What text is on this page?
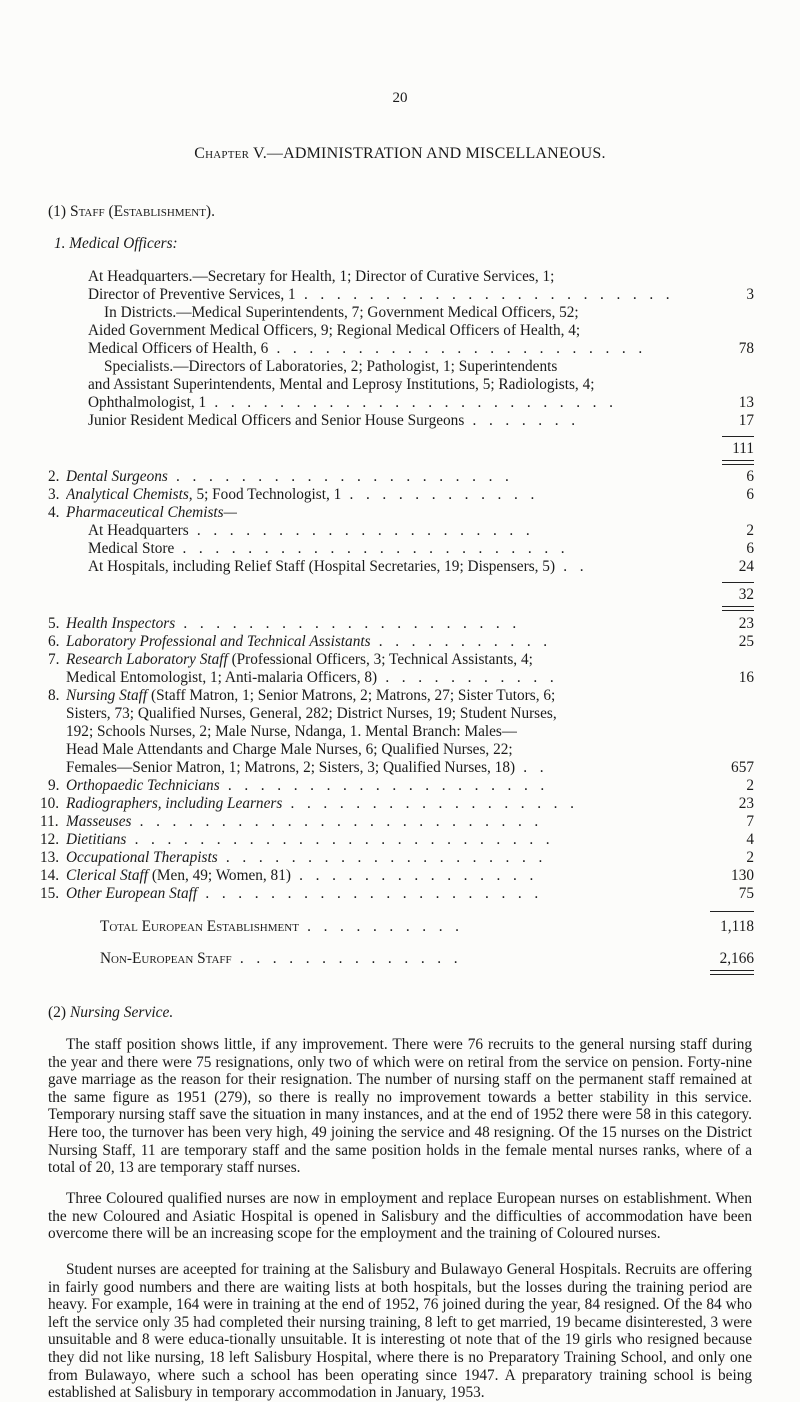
20
Chapter V.—ADMINISTRATION AND MISCELLANEOUS.
(1) Staff (Establishment).
1. Medical Officers:
At Headquarters.—Secretary for Health, 1; Director of Curative Services, 1;
Director of Preventive Services, 1 . . . . . . . . . . . . . . . . . . . . . . .	3
In Districts.—Medical Superintendents, 7; Government Medical Officers, 52;
Aided Government Medical Officers, 9; Regional Medical Officers of Health, 4;
Medical Officers of Health, 6 . . . . . . . . . . . . . . . . . . . . . . .	78
Specialists.—Directors of Laboratories, 2; Pathologist, 1; Superintendents
and Assistant Superintendents, Mental and Leprosy Institutions, 5; Radiologists, 4;
Ophthalmologist, 1 . . . . . . . . . . . . . . . . . . . . . . . . .	13
Junior Resident Medical Officers and Senior House Surgeons . . . . . . .	17
111
2. Dental Surgeons . . . . . . . . . . . . . . . . . . . . .	6
3. Analytical Chemists, 5; Food Technologist, 1 . . . . . . . . . . . .	6
4. Pharmaceutical Chemists—
At Headquarters . . . . . . . . . . . . . . . . . . . . .	2
Medical Store . . . . . . . . . . . . . . . . . . . . . . . .	6
At Hospitals, including Relief Staff (Hospital Secretaries, 19; Dispensers, 5) . .	24
32
5. Health Inspectors . . . . . . . . . . . . . . . . . . . . .	23
6. Laboratory Professional and Technical Assistants . . . . . . . . . . .	25
7. Research Laboratory Staff (Professional Officers, 3; Technical Assistants, 4;
Medical Entomologist, 1; Anti-malaria Officers, 8) . . . . . . . . . . .	16
8. Nursing Staff (Staff Matron, 1; Senior Matrons, 2; Matrons, 27; Sister Tutors, 6;
Sisters, 73; Qualified Nurses, General, 282; District Nurses, 19; Student Nurses,
192; Schools Nurses, 2; Male Nurse, Ndanga, 1. Mental Branch: Males—
Head Male Attendants and Charge Male Nurses, 6; Qualified Nurses, 22;
Females—Senior Matron, 1; Matrons, 2; Sisters, 3; Qualified Nurses, 18) . .	657
9. Orthopaedic Technicians . . . . . . . . . . . . . . . . . . . .	2
10. Radiographers, including Learners . . . . . . . . . . . . . . . . . .	23
11. Masseuses . . . . . . . . . . . . . . . . . . . . . . . . .	7
12. Dietitians . . . . . . . . . . . . . . . . . . . . . . . . . .	4
13. Occupational Therapists . . . . . . . . . . . . . . . . . . . .	2
14. Clerical Staff (Men, 49; Women, 81) . . . . . . . . . . . . . . .	130
15. Other European Staff . . . . . . . . . . . . . . . . . . . . .	75
Total European Establishment . . . . . . . . . .	1,118
Non-European Staff . . . . . . . . . . . . . .	2,166
(2) Nursing Service.

The staff position shows little, if any improvement. There were 76 recruits to the general nursing staff during the year and there were 75 resignations, only two of which were on retiral from the service on pension. Forty-nine gave marriage as the reason for their resignation. The number of nursing staff on the permanent staff remained at the same figure as 1951 (279), so there is really no improvement towards a better stability in this service. Temporary nursing staff save the situation in many instances, and at the end of 1952 there were 58 in this category. Here too, the turnover has been very high, 49 joining the service and 48 resigning. Of the 15 nurses on the District Nursing Staff, 11 are temporary staff and the same position holds in the female mental nurses ranks, where of a total of 20, 13 are temporary staff nurses.

Three Coloured qualified nurses are now in employment and replace European nurses on establishment. When the new Coloured and Asiatic Hospital is opened in Salisbury and the difficulties of accommodation have been overcome there will be an increasing scope for the employment and the training of Coloured nurses.

Student nurses are aceepted for training at the Salisbury and Bulawayo General Hospitals. Recruits are offering in fairly good numbers and there are waiting lists at both hospitals, but the losses during the training period are heavy. For example, 164 were in training at the end of 1952, 76 joined during the year, 84 resigned. Of the 84 who left the service only 35 had completed their nursing training, 8 left to get married, 19 became disinterested, 3 were unsuitable and 8 were educa-tionally unsuitable. It is interesting ot note that of the 19 girls who resigned because they did not like nursing, 18 left Salisbury Hospital, where there is no Preparatory Training School, and only one from Bulawayo, where such a school has been operating since 1947. A preparatory training school is being established at Salisbury in temporary accommodation in January, 1953.
